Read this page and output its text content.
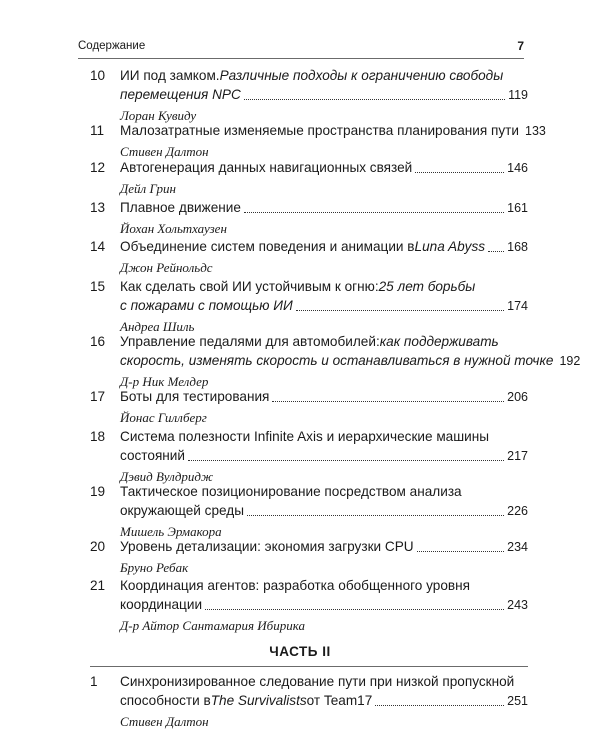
Содержание	7
10	ИИ под замком. Различные подходы к ограничению свободы
перемещения NPC	119
Лоран Кувиду
11	Малозатратные изменяемые пространства планирования пути 133
Стивен Далтон
12	Автогенерация данных навигационных связей	146
Дейл Грин
13	Плавное движение	161
Йохан Хольтхаузен
14	Объединение систем поведения и анимации в Luna Abyss 168
Джон Рейнольдс
15	Как сделать свой ИИ устойчивым к огню: 25 лет борьбы
с пожарами с помощью ИИ	174
Андреа Шиль
16	Управление педалями для автомобилей: как поддерживать
скорость, изменять скорость и останавливаться в нужной точке 192
Д-р Ник Мелдер
17	Боты для тестирования	206
Йонас Гиллберг
18	Система полезности Infinite Axis и иерархические машины
состояний	217
Дэвид Вулдридж
19	Тактическое позиционирование посредством анализа
окружающей среды	226
Мишель Эрмакора
20	Уровень детализации: экономия загрузки CPU	234
Бруно Ребак
21	Координация агентов: разработка обобщенного уровня
координации	243
Д-р Айтор Сантамария Ибирика
ЧАСТЬ II
1	Синхронизированное следование пути при низкой пропускной
способности в The Survivalists от Team17	251
Стивен Далтон
